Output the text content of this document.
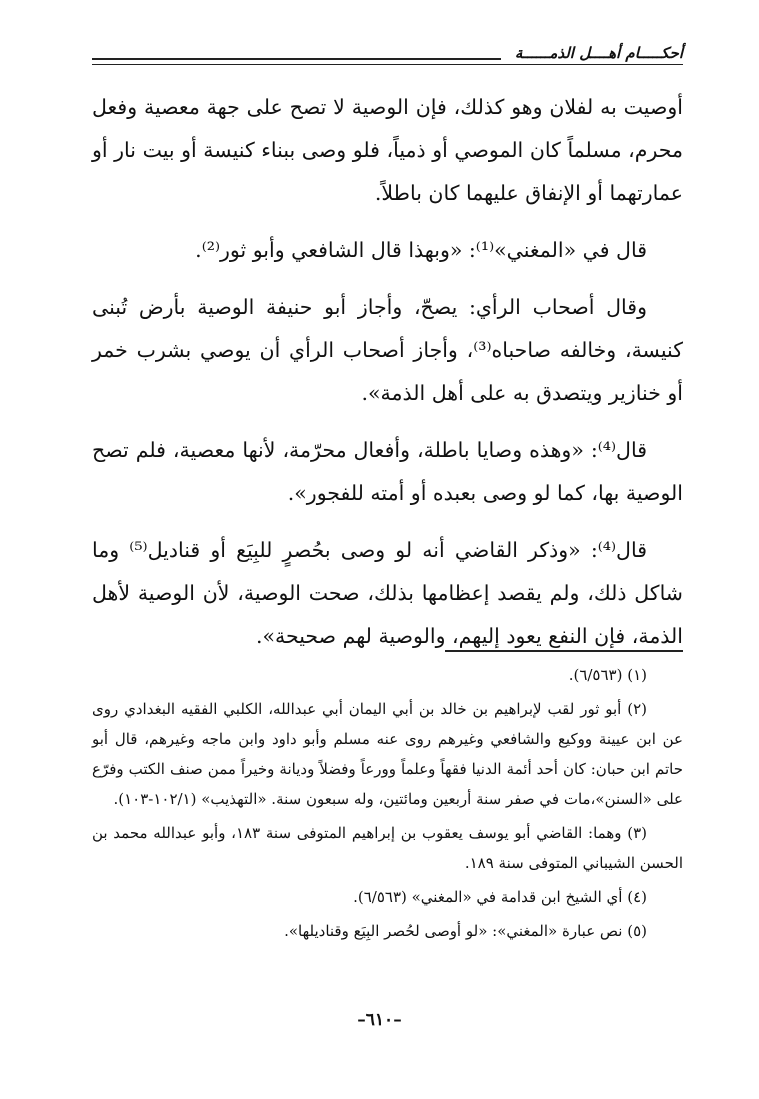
أحكـــــام أهــــل الذمــــــة

أوصيت به لفلان وهو كذلك، فإن الوصية لا تصح على جهة معصية وفعل محرم، مسلماً كان الموصي أو ذمياً، فلو وصى ببناء كنيسة أو بيت نار أو عمارتهما أو الإنفاق عليهما كان باطلاً.

قال في «المغني»⁽¹⁾: «وبهذا قال الشافعي وأبو ثور⁽²⁾.

وقال أصحاب الرأي: يصحّ، وأجاز أبو حنيفة الوصية بأرض تُبنى كنيسة، وخالفه صاحباه⁽³⁾، وأجاز أصحاب الرأي أن يوصي بشرب خمر أو خنازير ويتصدق به على أهل الذمة».

قال⁽⁴⁾: «وهذه وصايا باطلة، وأفعال محرّمة، لأنها معصية، فلم تصح الوصية بها، كما لو وصى بعبده أو أمته للفجور».

قال⁽⁴⁾: «وذكر القاضي أنه لو وصى بحُصرٍ للبِيَع أو قناديل⁽⁵⁾ وما شاكل ذلك، ولم يقصد إعظامها بذلك، صحت الوصية، لأن الوصية لأهل الذمة، فإن النفع يعود إليهم، والوصية لهم صحيحة».

(١) (٦/٥٦٣).

(٢) أبو ثور لقب لإبراهيم بن خالد بن أبي اليمان أبي عبدالله، الكلبي الفقيه البغدادي روى عن ابن عيينة ووكيع والشافعي وغيرهم روى عنه مسلم وأبو داود وابن ماجه وغيرهم، قال أبو حاتم ابن حبان: كان أحد أئمة الدنيا فقهاً وعلماً وورعاً وفضلاً وديانة وخيراً ممن صنف الكتب وفرّع على «السنن»،مات في صفر سنة أربعين ومائتين، وله سبعون سنة. «التهذيب» (١٠٢/١-١٠٣).

(٣) وهما: القاضي أبو يوسف يعقوب بن إبراهيم المتوفى سنة ١٨٣، وأبو عبدالله محمد بن الحسن الشيباني المتوفى سنة ١٨٩.

(٤) أي الشيخ ابن قدامة في «المغني» (٦/٥٦٣).

(٥) نص عبارة «المغني»: «لو أوصى لحُصر البِيَع وقناديلها».

–٦١٠–
